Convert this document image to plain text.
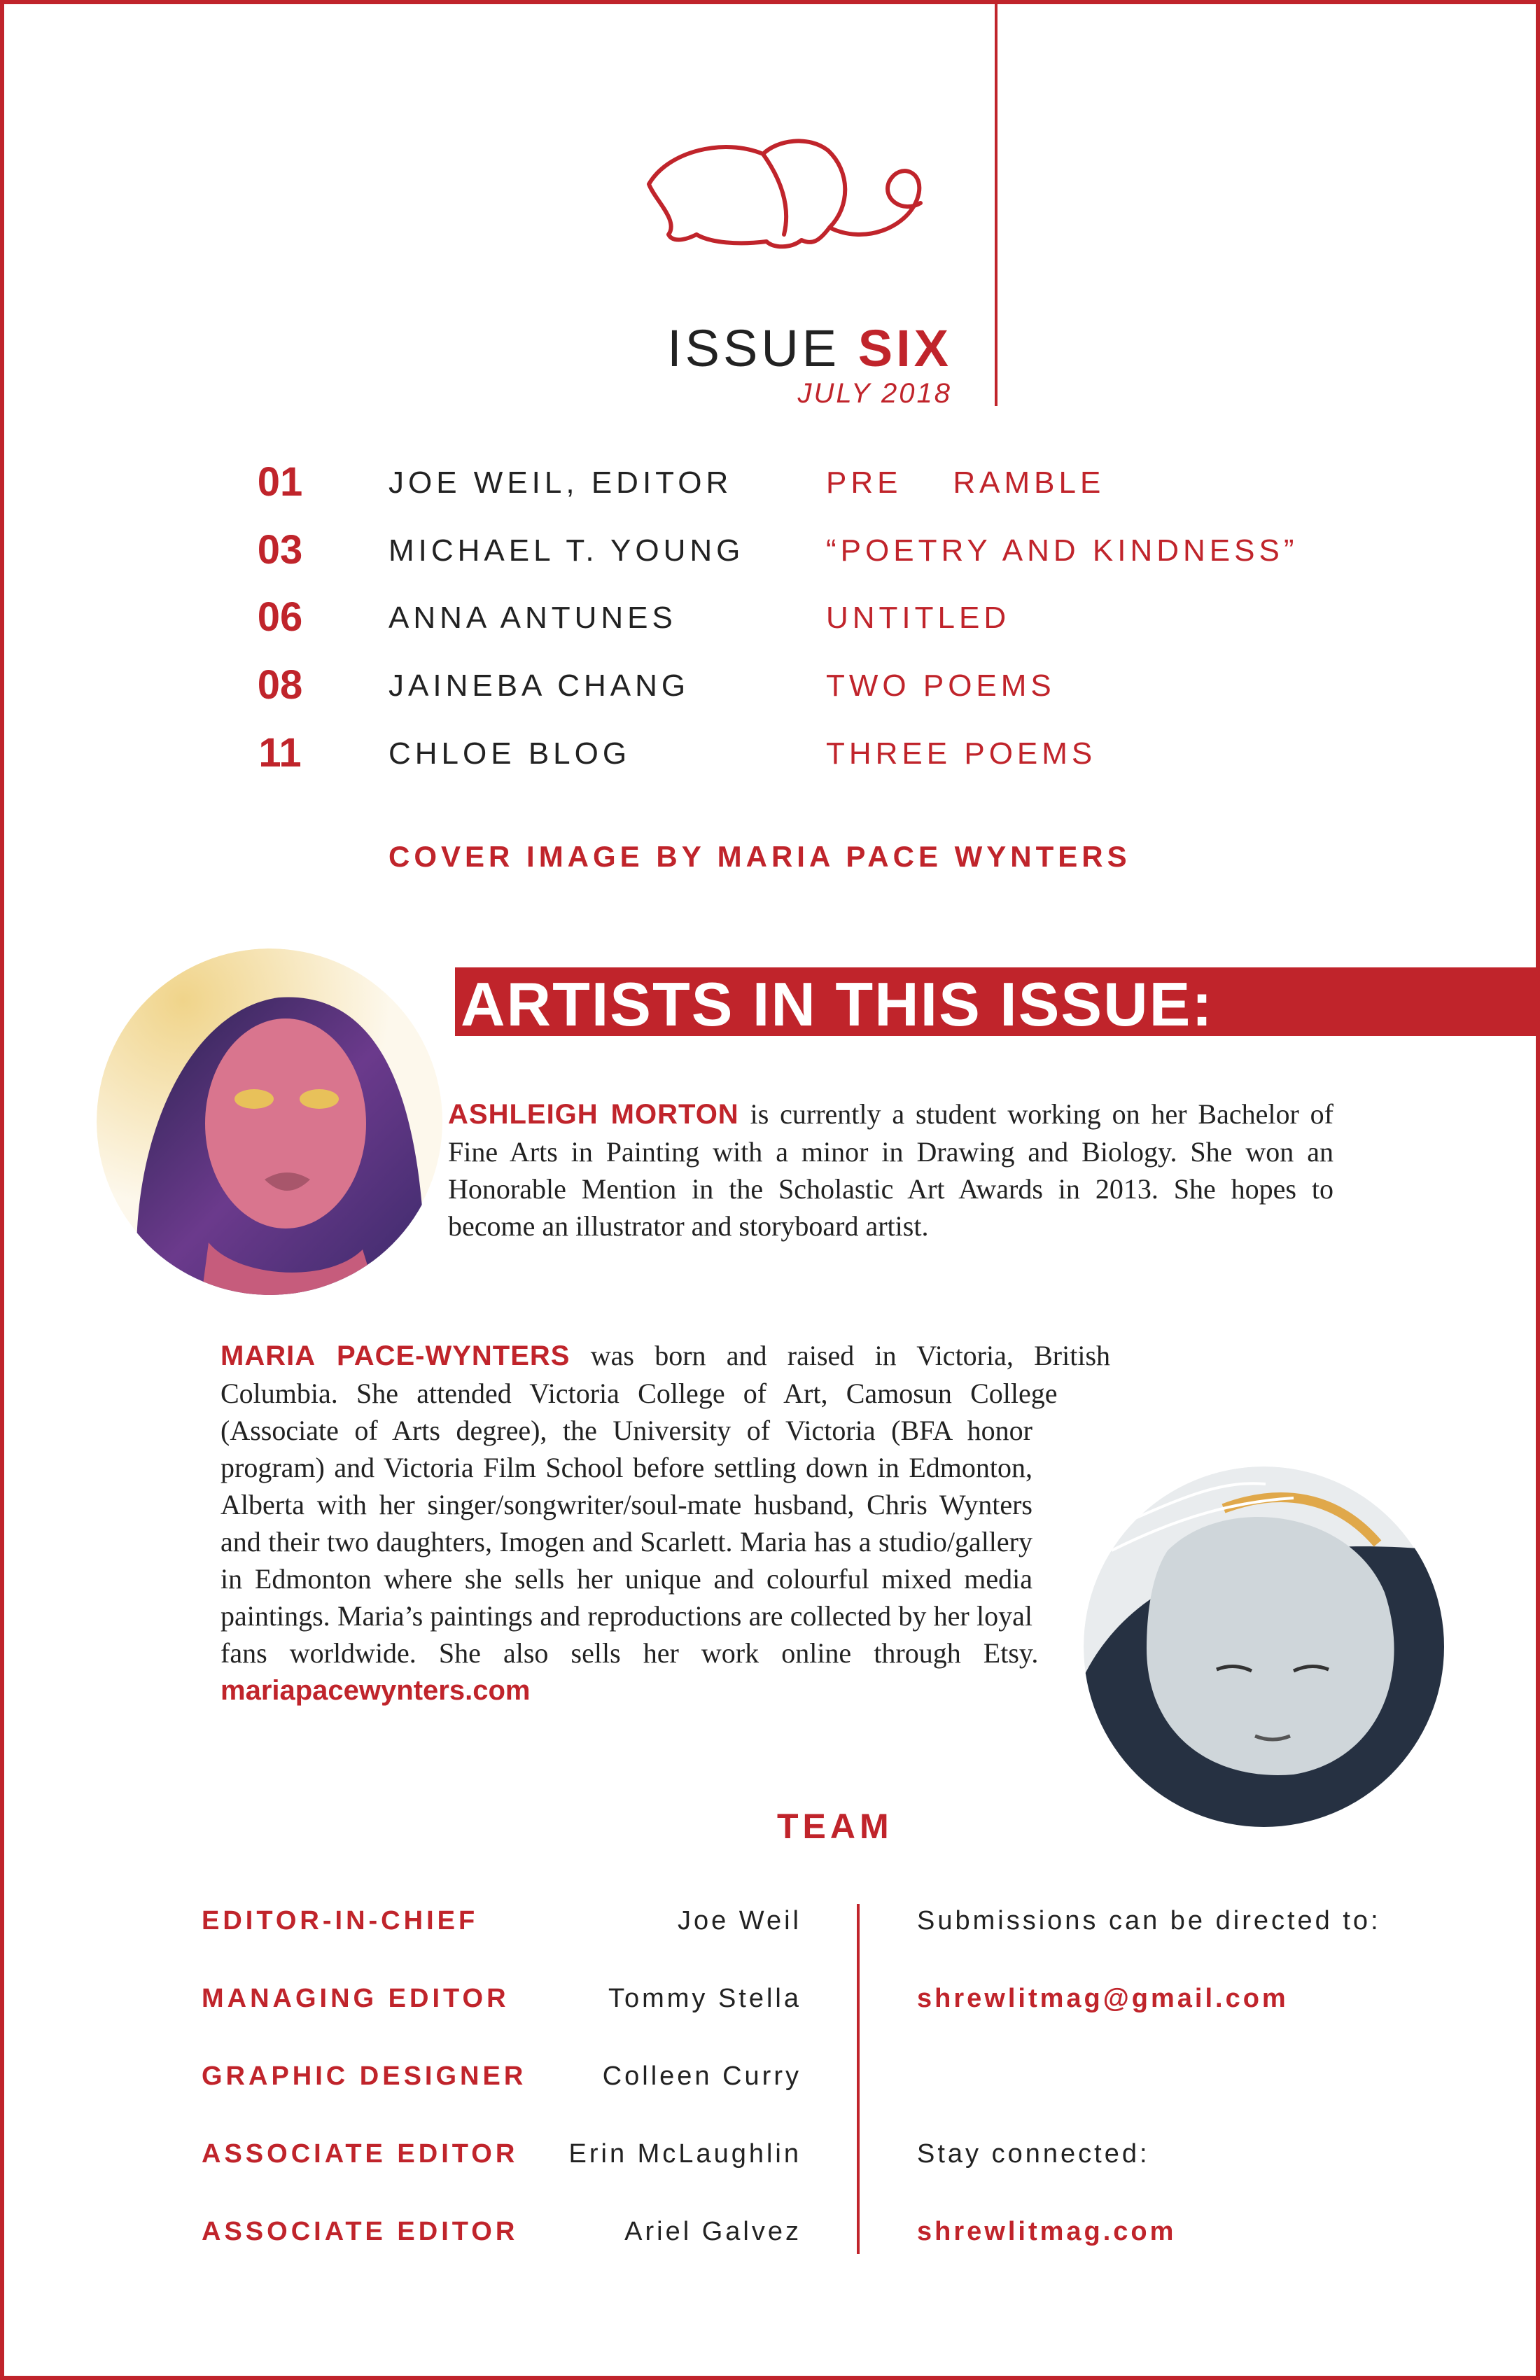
ISSUE SIX
JULY 2018
01	JOE WEIL, EDITOR	PRE    RAMBLE
03	MICHAEL T. YOUNG	“POETRY AND KINDNESS”
06	ANNA ANTUNES	UNTITLED
08	JAINEBA CHANG	TWO POEMS
11	CHLOE BLOG	THREE POEMS
COVER IMAGE BY MARIA PACE WYNTERS
ARTISTS IN THIS ISSUE:
ASHLEIGH MORTON is currently a student working on her Bachelor of Fine Arts in Painting with a minor in Drawing and Biology. She won an Honorable Mention in the Scholastic Art Awards in 2013. She hopes to become an illustrator and storyboard artist.
MARIA PACE-WYNTERS was born and raised in Victoria, British Columbia. She attended Victoria College of Art, Camosun College (Associate of Arts degree), the University of Victoria (BFA honor program) and Victoria Film School before settling down in Edmonton, Alberta with her singer/songwriter/soul-mate husband, Chris Wynters and their two daughters, Imogen and Scarlett. Maria has a studio/gallery in Edmonton where she sells her unique and colourful mixed media paintings. Maria’s paintings and reproductions are collected by her loyal fans worldwide. She also sells her work online through Etsy. mariapacewynters.com
TEAM
EDITOR-IN-CHIEF	Joe Weil
MANAGING EDITOR	Tommy Stella
GRAPHIC DESIGNER	Colleen Curry
ASSOCIATE EDITOR	Erin McLaughlin
ASSOCIATE EDITOR	Ariel Galvez
Submissions can be directed to:
shrewlitmag@gmail.com
Stay connected:
shrewlitmag.com
